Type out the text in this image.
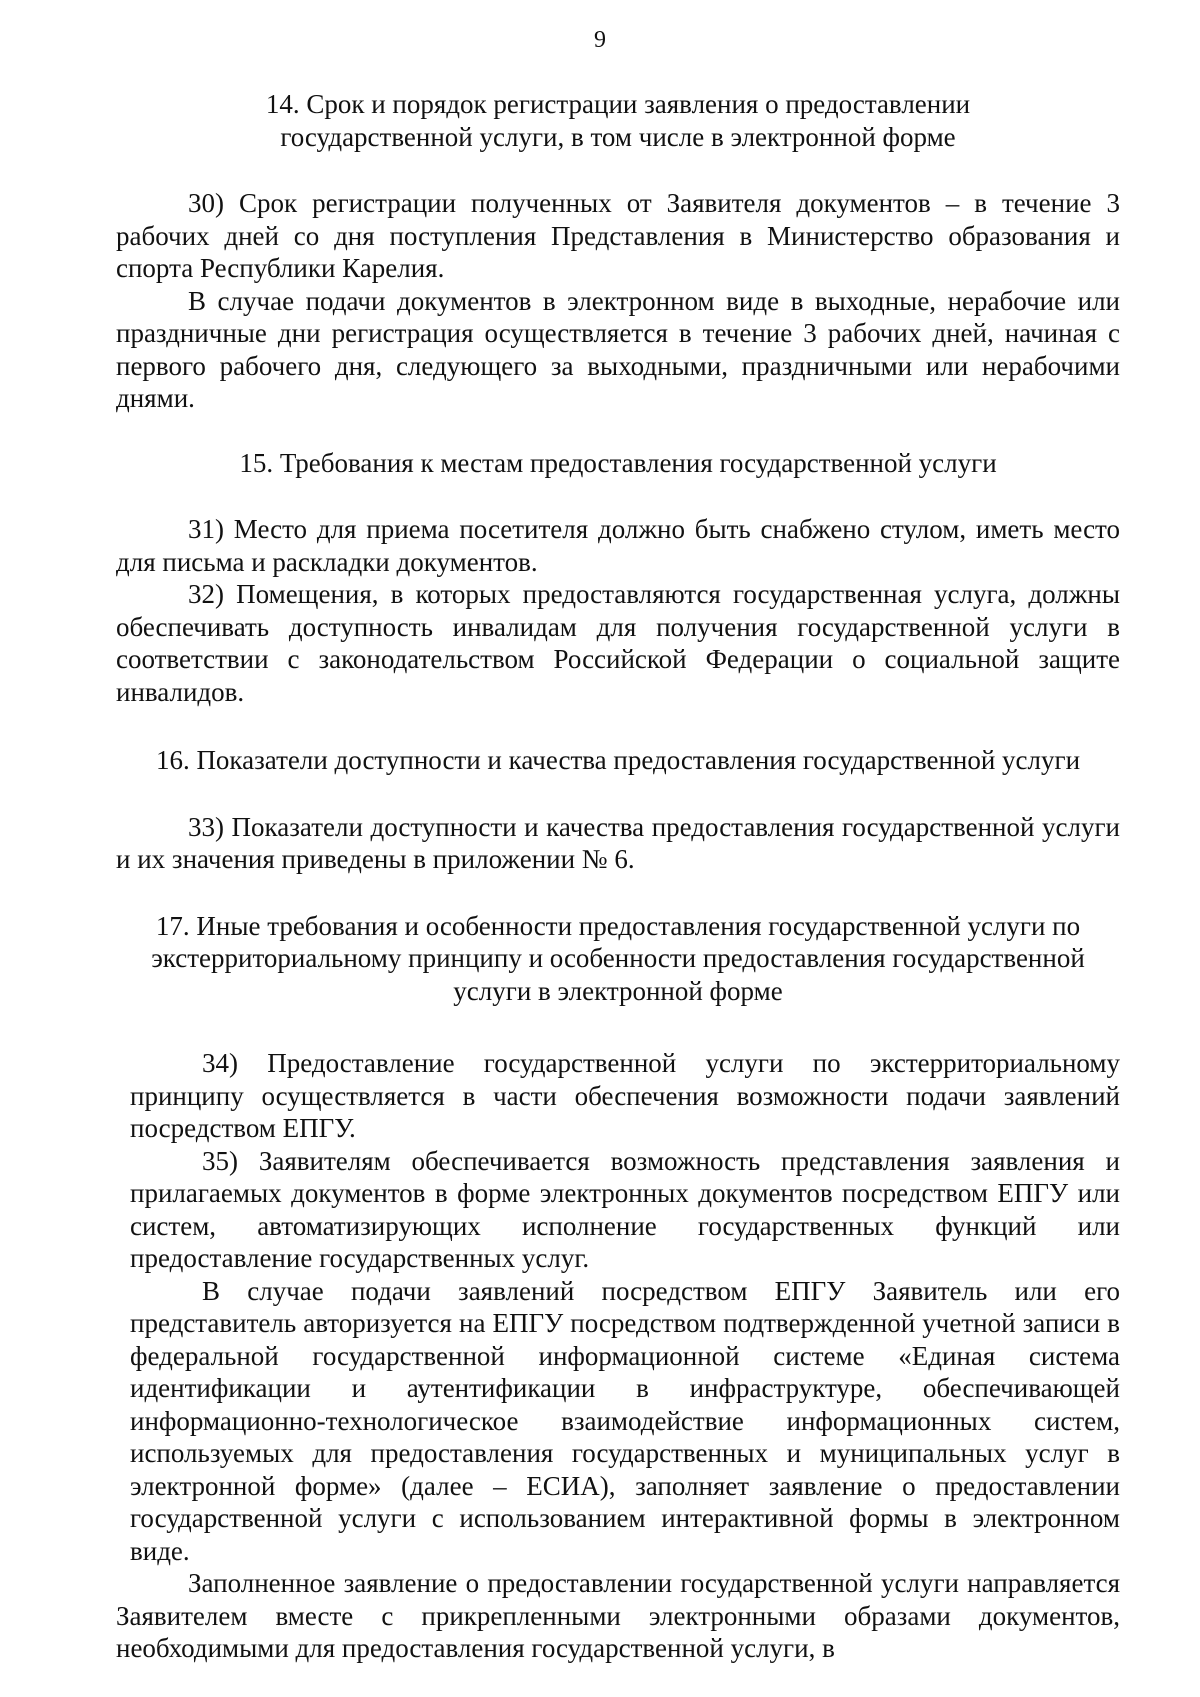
9

14. Срок и порядок регистрации заявления о предоставлении государственной услуги, в том числе в электронной форме

30) Срок регистрации полученных от Заявителя документов – в течение 3 рабочих дней со дня поступления Представления в Министерство образования и спорта Республики Карелия.

В случае подачи документов в электронном виде в выходные, нерабочие или праздничные дни регистрация осуществляется в течение 3 рабочих дней, начиная с первого рабочего дня, следующего за выходными, праздничными или нерабочими днями.

15. Требования к местам предоставления государственной услуги

31) Место для приема посетителя должно быть снабжено стулом, иметь место для письма и раскладки документов.

32) Помещения, в которых предоставляются государственная услуга, должны обеспечивать доступность инвалидам для получения государственной услуги в соответствии с законодательством Российской Федерации о социальной защите инвалидов.

16. Показатели доступности и качества предоставления государственной услуги

33) Показатели доступности и качества предоставления государственной услуги и их значения приведены в приложении № 6.

17. Иные требования и особенности предоставления государственной услуги по экстерриториальному принципу и особенности предоставления государственной услуги в электронной форме

34) Предоставление государственной услуги по экстерриториальному принципу осуществляется в части обеспечения возможности подачи заявлений посредством ЕПГУ.

35) Заявителям обеспечивается возможность представления заявления и прилагаемых документов в форме электронных документов посредством ЕПГУ или систем, автоматизирующих исполнение государственных функций или предоставление государственных услуг.

В случае подачи заявлений посредством ЕПГУ Заявитель или его представитель авторизуется на ЕПГУ посредством подтвержденной учетной записи в федеральной государственной информационной системе «Единая система идентификации и аутентификации в инфраструктуре, обеспечивающей информационно-технологическое взаимодействие информационных систем, используемых для предоставления государственных и муниципальных услуг в электронной форме» (далее – ЕСИА), заполняет заявление о предоставлении государственной услуги с использованием интерактивной формы в электронном виде.

Заполненное заявление о предоставлении государственной услуги направляется Заявителем вместе с прикрепленными электронными образами документов, необходимыми для предоставления государственной услуги, в
